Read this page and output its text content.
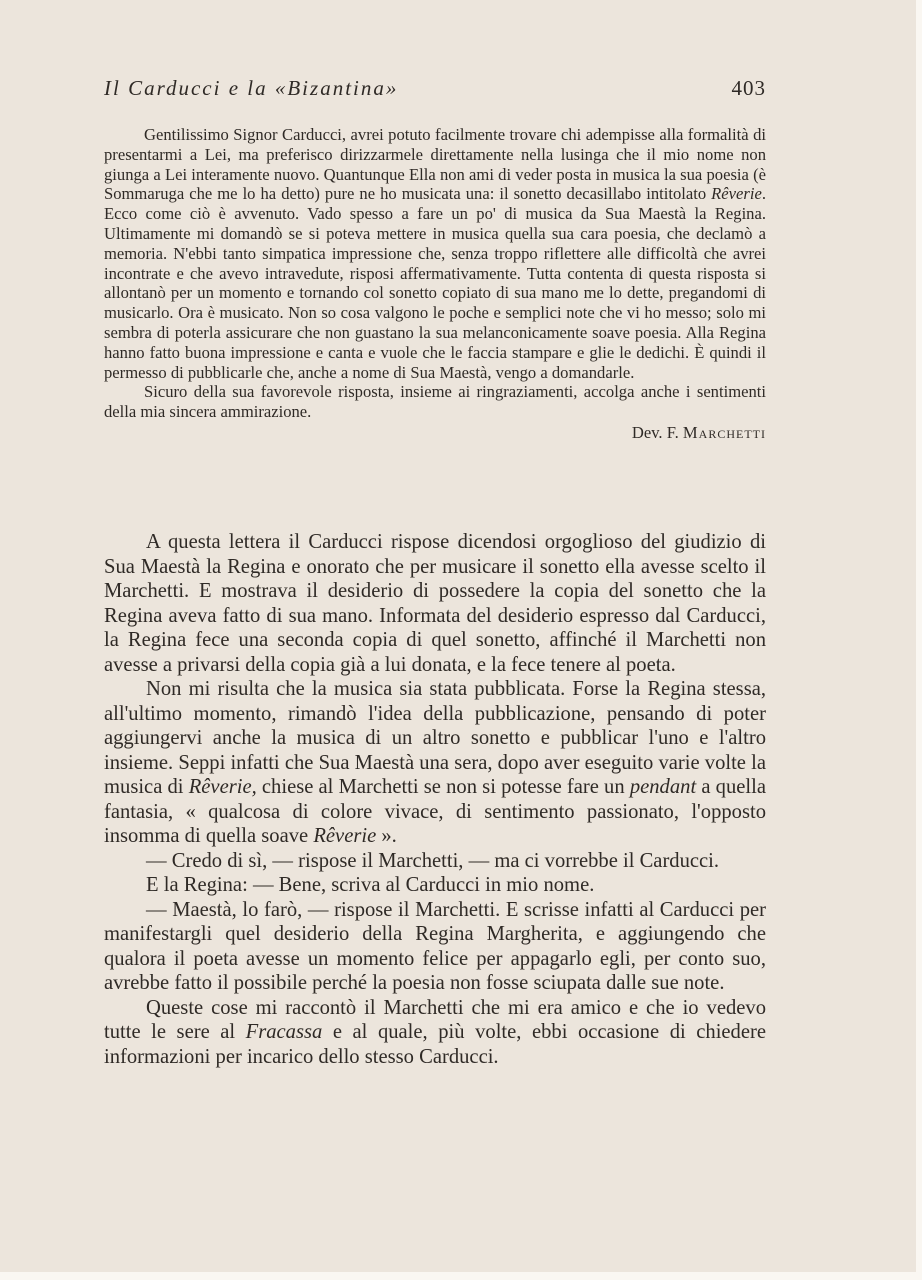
Il Carducci e la «Bizantina»	403

Gentilissimo Signor Carducci, avrei potuto facilmente trovare chi adempisse alla formalità di presentarmi a Lei, ma preferisco dirizzarmele direttamente nella lusinga che il mio nome non giunga a Lei interamente nuovo. Quantunque Ella non ami di veder posta in musica la sua poesia (è Sommaruga che me lo ha detto) pure ne ho musicata una: il sonetto decasillabo intitolato Rêverie. Ecco come ciò è avvenuto. Vado spesso a fare un po' di musica da Sua Maestà la Regina. Ultimamente mi domandò se si poteva mettere in musica quella sua cara poesia, che declamò a memoria. N'ebbi tanto simpatica impressione che, senza troppo riflettere alle difficoltà che avrei incontrate e che avevo intravedute, risposi affermativamente. Tutta contenta di questa risposta si allontanò per un momento e tornando col sonetto copiato di sua mano me lo dette, pregandomi di musicarlo. Ora è musicato. Non so cosa valgono le poche e semplici note che vi ho messo; solo mi sembra di poterla assicurare che non guastano la sua melanconicamente soave poesia. Alla Regina hanno fatto buona impressione e canta e vuole che le faccia stampare e glie le dedichi. È quindi il permesso di pubblicarle che, anche a nome di Sua Maestà, vengo a domandarle.

Sicuro della sua favorevole risposta, insieme ai ringraziamenti, accolga anche i sentimenti della mia sincera ammirazione.

Dev. F. Marchetti

A questa lettera il Carducci rispose dicendosi orgoglioso del giudizio di Sua Maestà la Regina e onorato che per musicare il sonetto ella avesse scelto il Marchetti. E mostrava il desiderio di possedere la copia del sonetto che la Regina aveva fatto di sua mano. Informata del desiderio espresso dal Carducci, la Regina fece una seconda copia di quel sonetto, affinché il Marchetti non avesse a privarsi della copia già a lui donata, e la fece tenere al poeta.

Non mi risulta che la musica sia stata pubblicata. Forse la Regina stessa, all'ultimo momento, rimandò l'idea della pubblicazione, pensando di poter aggiungervi anche la musica di un altro sonetto e pubblicar l'uno e l'altro insieme. Seppi infatti che Sua Maestà una sera, dopo aver eseguito varie volte la musica di Rêverie, chiese al Marchetti se non si potesse fare un pendant a quella fantasia, « qualcosa di colore vivace, di sentimento passionato, l'opposto insomma di quella soave Rêverie ».

— Credo di sì, — rispose il Marchetti, — ma ci vorrebbe il Carducci.

E la Regina: — Bene, scriva al Carducci in mio nome.

— Maestà, lo farò, — rispose il Marchetti. E scrisse infatti al Carducci per manifestargli quel desiderio della Regina Margherita, e aggiungendo che qualora il poeta avesse un momento felice per appagarlo egli, per conto suo, avrebbe fatto il possibile perché la poesia non fosse sciupata dalle sue note.

Queste cose mi raccontò il Marchetti che mi era amico e che io vedevo tutte le sere al Fracassa e al quale, più volte, ebbi occasione di chiedere informazioni per incarico dello stesso Carducci.
